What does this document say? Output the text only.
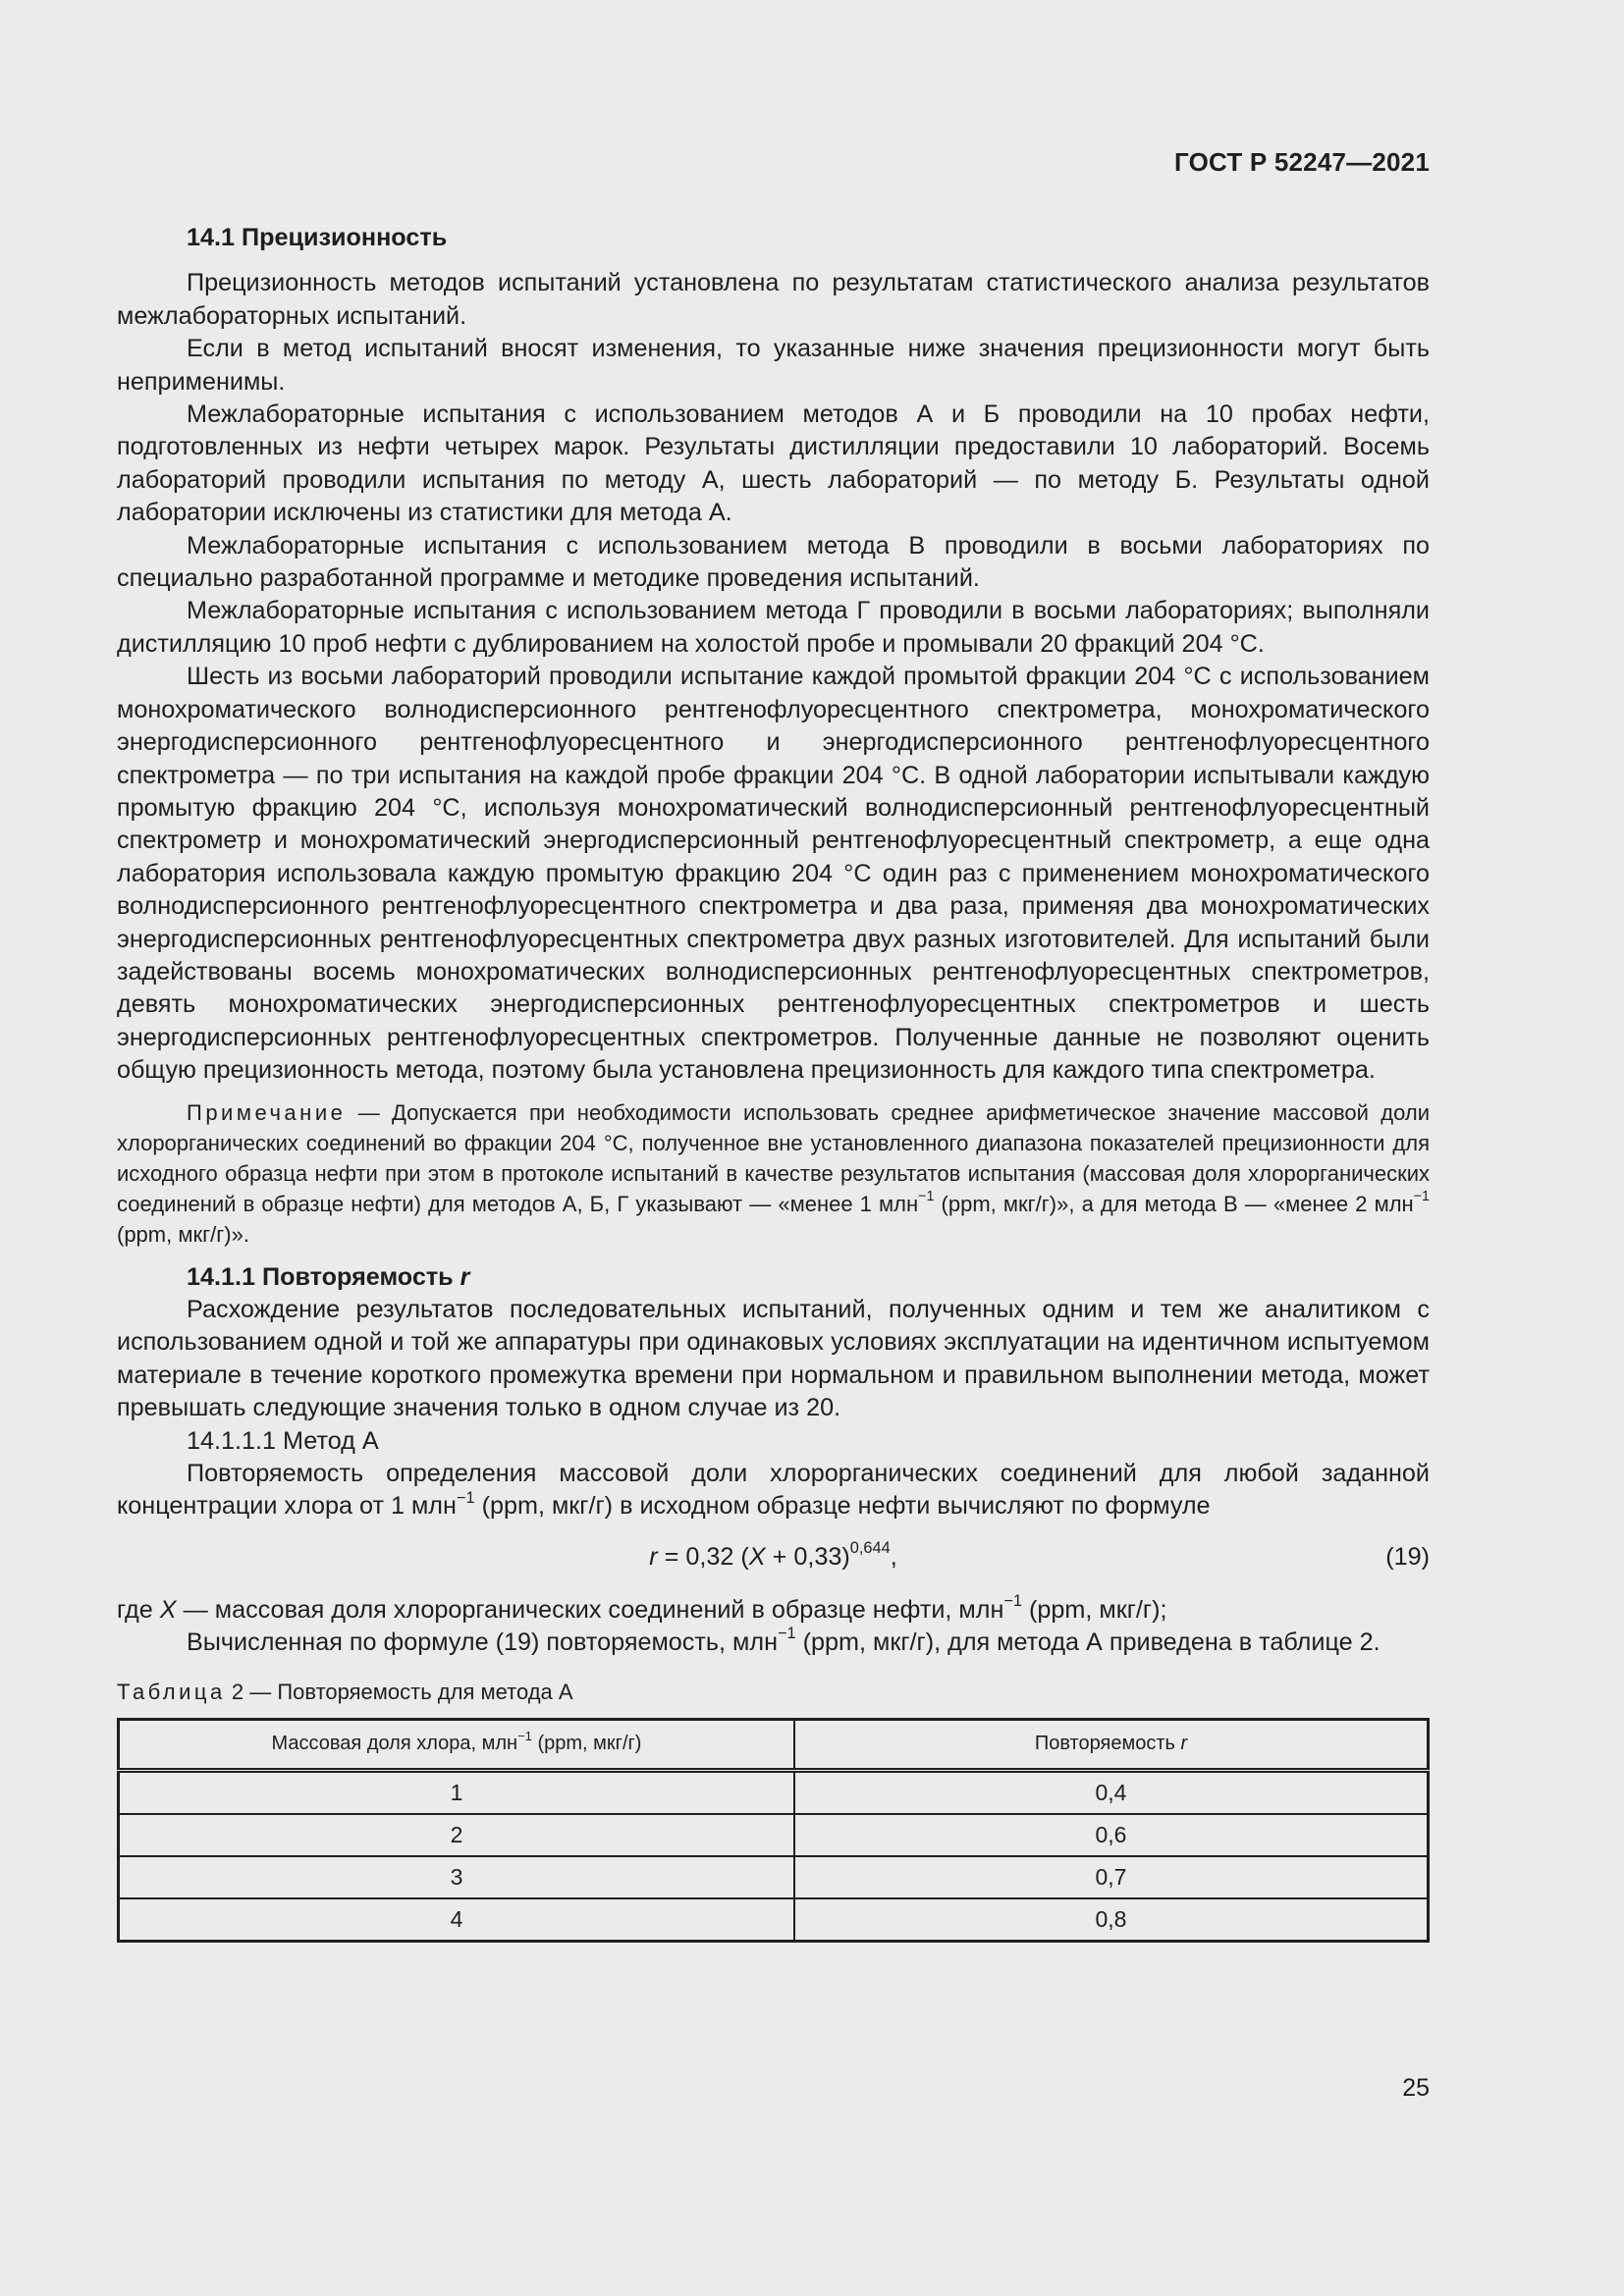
ГОСТ Р 52247—2021
14.1 Прецизионность

Прецизионность методов испытаний установлена по результатам статистического анализа результатов межлабораторных испытаний.

Если в метод испытаний вносят изменения, то указанные ниже значения прецизионности могут быть неприменимы.

Межлабораторные испытания с использованием методов А и Б проводили на 10 пробах нефти, подготовленных из нефти четырех марок. Результаты дистилляции предоставили 10 лабораторий. Восемь лабораторий проводили испытания по методу А, шесть лабораторий — по методу Б. Результаты одной лаборатории исключены из статистики для метода А.

Межлабораторные испытания с использованием метода В проводили в восьми лабораториях по специально разработанной программе и методике проведения испытаний.

Межлабораторные испытания с использованием метода Г проводили в восьми лабораториях; выполняли дистилляцию 10 проб нефти с дублированием на холостой пробе и промывали 20 фракций 204 °С.

Шесть из восьми лабораторий проводили испытание каждой промытой фракции 204 °С с использованием монохроматического волнодисперсионного рентгенофлуоресцентного спектрометра, монохроматического энергодисперсионного рентгенофлуоресцентного и энергодисперсионного рентгенофлуоресцентного спектрометра — по три испытания на каждой пробе фракции 204 °С. В одной лаборатории испытывали каждую промытую фракцию 204 °С, используя монохроматический волнодисперсионный рентгенофлуоресцентный спектрометр и монохроматический энергодисперсионный рентгенофлуоресцентный спектрометр, а еще одна лаборатория использовала каждую промытую фракцию 204 °С один раз с применением монохроматического волнодисперсионного рентгенофлуоресцентного спектрометра и два раза, применяя два монохроматических энергодисперсионных рентгенофлуоресцентных спектрометра двух разных изготовителей. Для испытаний были задействованы восемь монохроматических волнодисперсионных рентгенофлуоресцентных спектрометров, девять монохроматических энергодисперсионных рентгенофлуоресцентных спектрометров и шесть энергодисперсионных рентгенофлуоресцентных спектрометров. Полученные данные не позволяют оценить общую прецизионность метода, поэтому была установлена прецизионность для каждого типа спектрометра.

Примечание — Допускается при необходимости использовать среднее арифметическое значение массовой доли хлорорганических соединений во фракции 204 °С, полученное вне установленного диапазона показателей прецизионности для исходного образца нефти при этом в протоколе испытаний в качестве результатов испытания (массовая доля хлорорганических соединений в образце нефти) для методов А, Б, Г указывают — «менее 1 млн$^{-1}$ (ppm, мкг/г)», а для метода В — «менее 2 млн$^{-1}$ (ppm, мкг/г)».
14.1.1 Повторяемость r

Расхождение результатов последовательных испытаний, полученных одним и тем же аналитиком с использованием одной и той же аппаратуры при одинаковых условиях эксплуатации на идентичном испытуемом материале в течение короткого промежутка времени при нормальном и правильном выполнении метода, может превышать следующие значения только в одном случае из 20.

14.1.1.1 Метод А

Повторяемость определения массовой доли хлорорганических соединений для любой заданной концентрации хлора от 1 млн$^{-1}$ (ppm, мкг/г) в исходном образце нефти вычисляют по формуле

r = 0,32 $(X + 0,33)^{0,644}$,	(19)

где X — массовая доля хлорорганических соединений в образце нефти, млн$^{-1}$ (ppm, мкг/г);

Вычисленная по формуле (19) повторяемость, млн$^{-1}$ (ppm, мкг/г), для метода А приведена в таблице 2.

Таблица 2 — Повторяемость для метода А
Массовая доля хлора, млн$^{-1}$ (ppm, мкг/г)	Повторяемость r
1	0,4
2	0,6
3	0,7
4	0,8
25
